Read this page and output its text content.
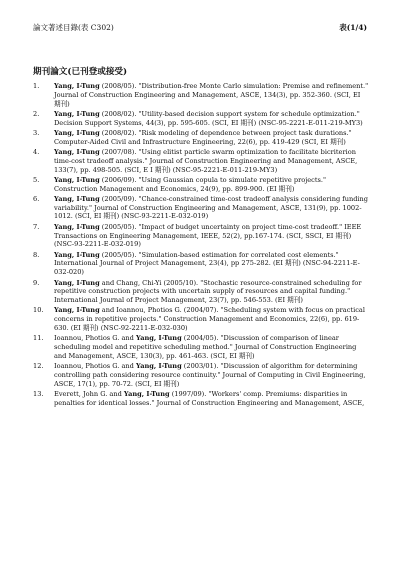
論文著述目錄(表 C302)	表(1/4)
期刊論文(已刊登或接受)
1. Yang, I-Tung (2008/05). "Distribution-free Monte Carlo simulation: Premise and refinement." Journal of Construction Engineering and Management, ASCE, 134(3), pp. 352-360. (SCI, EI 期刊)
2. Yang, I-Tung (2008/02). "Utility-based decision support system for schedule optimization." Decision Support Systems, 44(3), pp. 595-605. (SCI, EI 期刊) (NSC-95-2221-E-011-219-MY3)
3. Yang, I-Tung (2008/02). "Risk modeling of dependence between project task durations." Computer-Aided Civil and Infrastructure Engineering, 22(6), pp. 419-429 (SCI, EI 期刊)
4. Yang, I-Tung (2007/08). "Using elitist particle swarm optimization to facilitate bicriterion time-cost tradeoff analysis." Journal of Construction Engineering and Management, ASCE, 133(7), pp. 498-505. (SCI, E I 期刊) (NSC-95-2221-E-011-219-MY3)
5. Yang, I-Tung (2006/09). "Using Gaussian copula to simulate repetitive projects." Construction Management and Economics, 24(9), pp. 899-900. (EI 期刊)
6. Yang, I-Tung (2005/09). "Chance-constrained time-cost tradeoff analysis considering funding variability." Journal of Construction Engineering and Management, ASCE, 131(9), pp. 1002-1012. (SCI, EI 期刊) (NSC-93-2211-E-032-019)
7. Yang, I-Tung (2005/05). "Impact of budget uncertainty on project time-cost tradeoff." IEEE Transactions on Engineering Management, IEEE, 52(2), pp.167-174. (SCI, SSCI, EI 期刊) (NSC-93-2211-E-032-019)
8. Yang, I-Tung (2005/05). "Simulation-based estimation for correlated cost elements." International Journal of Project Management, 23(4), pp 275-282. (EI 期刊) (NSC-94-2211-E-032-020)
9. Yang, I-Tung and Chang, Chi-Yi (2005/10). "Stochastic resource-constrained scheduling for repetitive construction projects with uncertain supply of resources and capital funding." International Journal of Project Management, 23(7), pp. 546-553. (EI 期刊)
10. Yang, I-Tung and Ioannou, Photios G. (2004/07). "Scheduling system with focus on practical concerns in repetitive projects." Construction Management and Economics, 22(6), pp. 619-630. (EI 期刊) (NSC-92-2211-E-032-030)
11. Ioannou, Photios G. and Yang, I-Tung (2004/05). "Discussion of comparison of linear scheduling model and repetitive scheduling method." Journal of Construction Engineering and Management, ASCE, 130(3), pp. 461-463. (SCI, EI 期刊)
12. Ioannou, Photios G. and Yang, I-Tung (2003/01). "Discussion of algorithm for determining controlling path considering resource continuity." Journal of Computing in Civil Engineering, ASCE, 17(1), pp. 70-72. (SCI, EI 期刊)
13. Everett, John G. and Yang, I-Tung (1997/09). "Workers' comp. Premiums: disparities in penalties for identical losses." Journal of Construction Engineering and Management, ASCE,
